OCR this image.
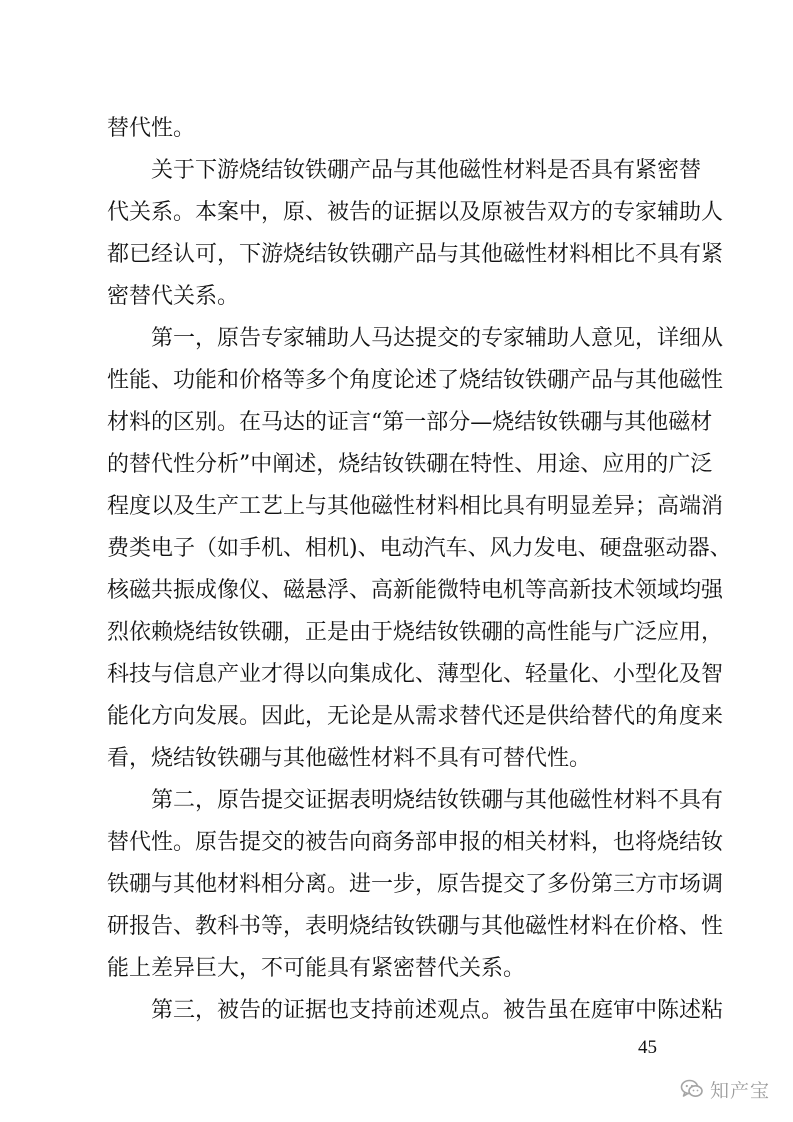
替代性。
关于下游烧结钕铁硼产品与其他磁性材料是否具有紧密替
代关系。本案中，原、被告的证据以及原被告双方的专家辅助人
都已经认可，下游烧结钕铁硼产品与其他磁性材料相比不具有紧
密替代关系。
第一，原告专家辅助人马达提交的专家辅助人意见，详细从
性能、功能和价格等多个角度论述了烧结钕铁硼产品与其他磁性
材料的区别。在马达的证言“第一部分—烧结钕铁硼与其他磁材
的替代性分析”中阐述，烧结钕铁硼在特性、用途、应用的广泛
程度以及生产工艺上与其他磁性材料相比具有明显差异；高端消
费类电子（如手机、相机)、电动汽车、风力发电、硬盘驱动器、
核磁共振成像仪、磁悬浮、高新能微特电机等高新技术领域均强
烈依赖烧结钕铁硼，正是由于烧结钕铁硼的高性能与广泛应用，
科技与信息产业才得以向集成化、薄型化、轻量化、小型化及智
能化方向发展。因此，无论是从需求替代还是供给替代的角度来
看，烧结钕铁硼与其他磁性材料不具有可替代性。
第二，原告提交证据表明烧结钕铁硼与其他磁性材料不具有
替代性。原告提交的被告向商务部申报的相关材料，也将烧结钕
铁硼与其他材料相分离。进一步，原告提交了多份第三方市场调
研报告、教科书等，表明烧结钕铁硼与其他磁性材料在价格、性
能上差异巨大，不可能具有紧密替代关系。
第三，被告的证据也支持前述观点。被告虽在庭审中陈述粘
45
知产宝
